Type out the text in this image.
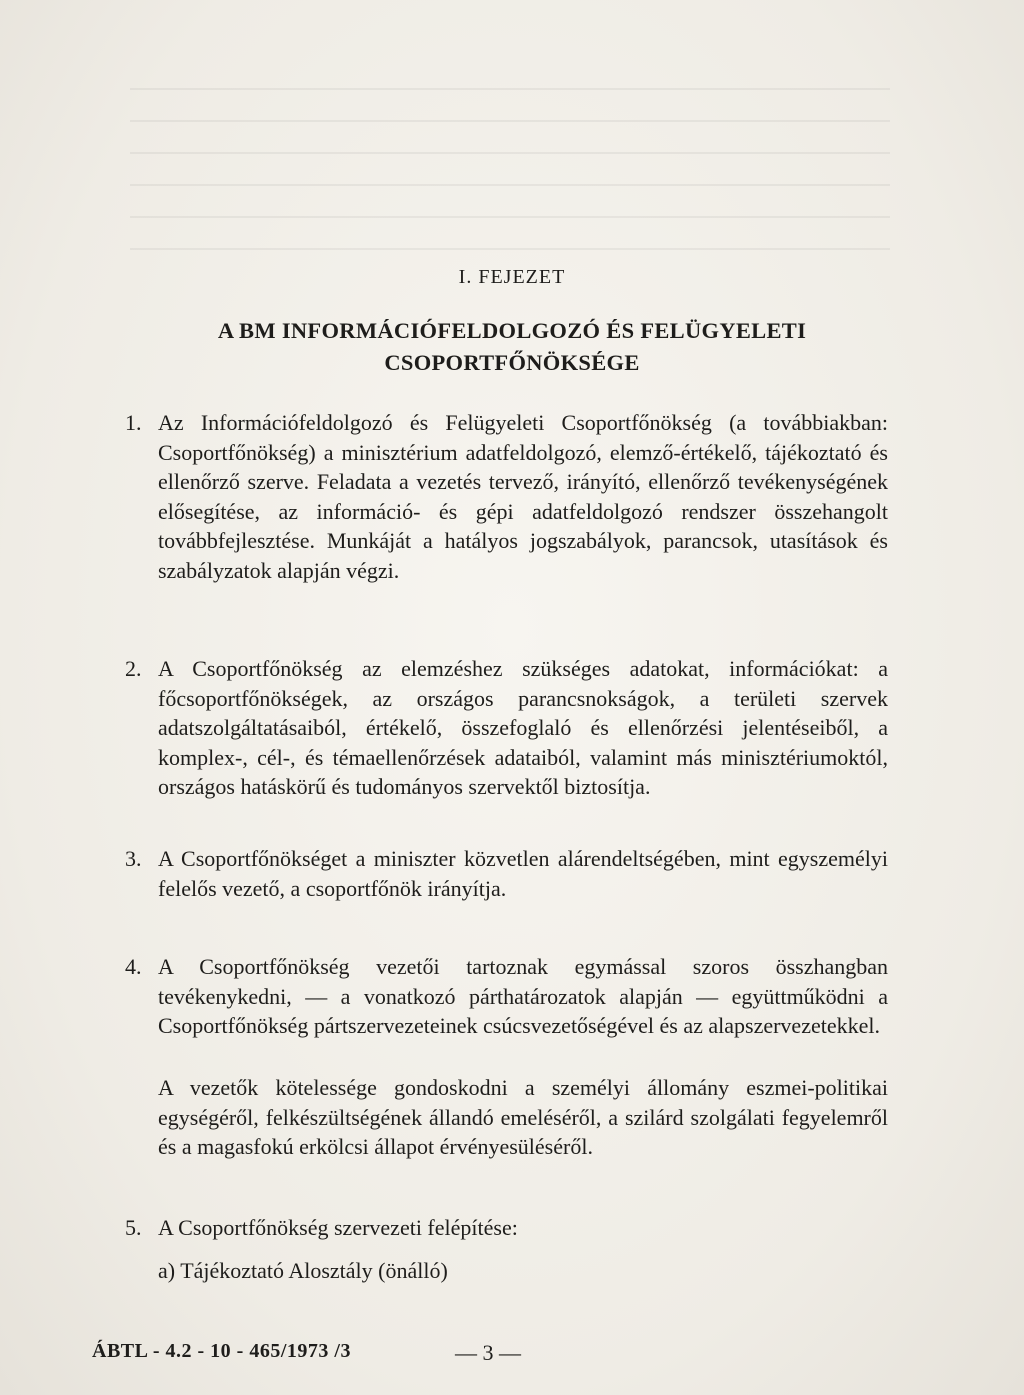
I. FEJEZET
A BM INFORMÁCIÓFELDOLGOZÓ ÉS FELÜGYELETI
CSOPORTFŐNÖKSÉGE
1. Az Információfeldolgozó és Felügyeleti Csoportfőnökség (a továbbiakban: Csoportfőnökség) a minisztérium adatfeldolgozó, elemző-értékelő, tájékoztató és ellenőrző szerve. Feladata a vezetés tervező, irányító, ellenőrző tevékenységének elősegítése, az információ- és gépi adatfeldolgozó rendszer összehangolt továbbfejlesztése. Munkáját a hatályos jogszabályok, parancsok, utasítások és szabályzatok alapján végzi.
2. A Csoportfőnökség az elemzéshez szükséges adatokat, információkat: a főcsoportfőnökségek, az országos parancsnokságok, a területi szervek adatszolgáltatásaiból, értékelő, összefoglaló és ellenőrzési jelentéseiből, a komplex-, cél-, és témaellenőrzések adataiból, valamint más minisztériumoktól, országos hatáskörű és tudományos szervektől biztosítja.
3. A Csoportfőnökséget a miniszter közvetlen alárendeltségében, mint egyszemélyi felelős vezető, a csoportfőnök irányítja.
4. A Csoportfőnökség vezetői tartoznak egymással szoros összhangban tevékenykedni, — a vonatkozó párthatározatok alapján — együttműködni a Csoportfőnökség pártszervezeteinek csúcsvezetőségével és az alapszervezetekkel.
A vezetők kötelessége gondoskodni a személyi állomány eszmei-politikai egységéről, felkészültségének állandó emeléséről, a szilárd szolgálati fegyelemről és a magasfokú erkölcsi állapot érvényesüléséről.
5. A Csoportfőnökség szervezeti felépítése:
a) Tájékoztató Alosztály (önálló)
ÁBTL - 4.2 - 10 - 465/1973 /3	— 3 —
